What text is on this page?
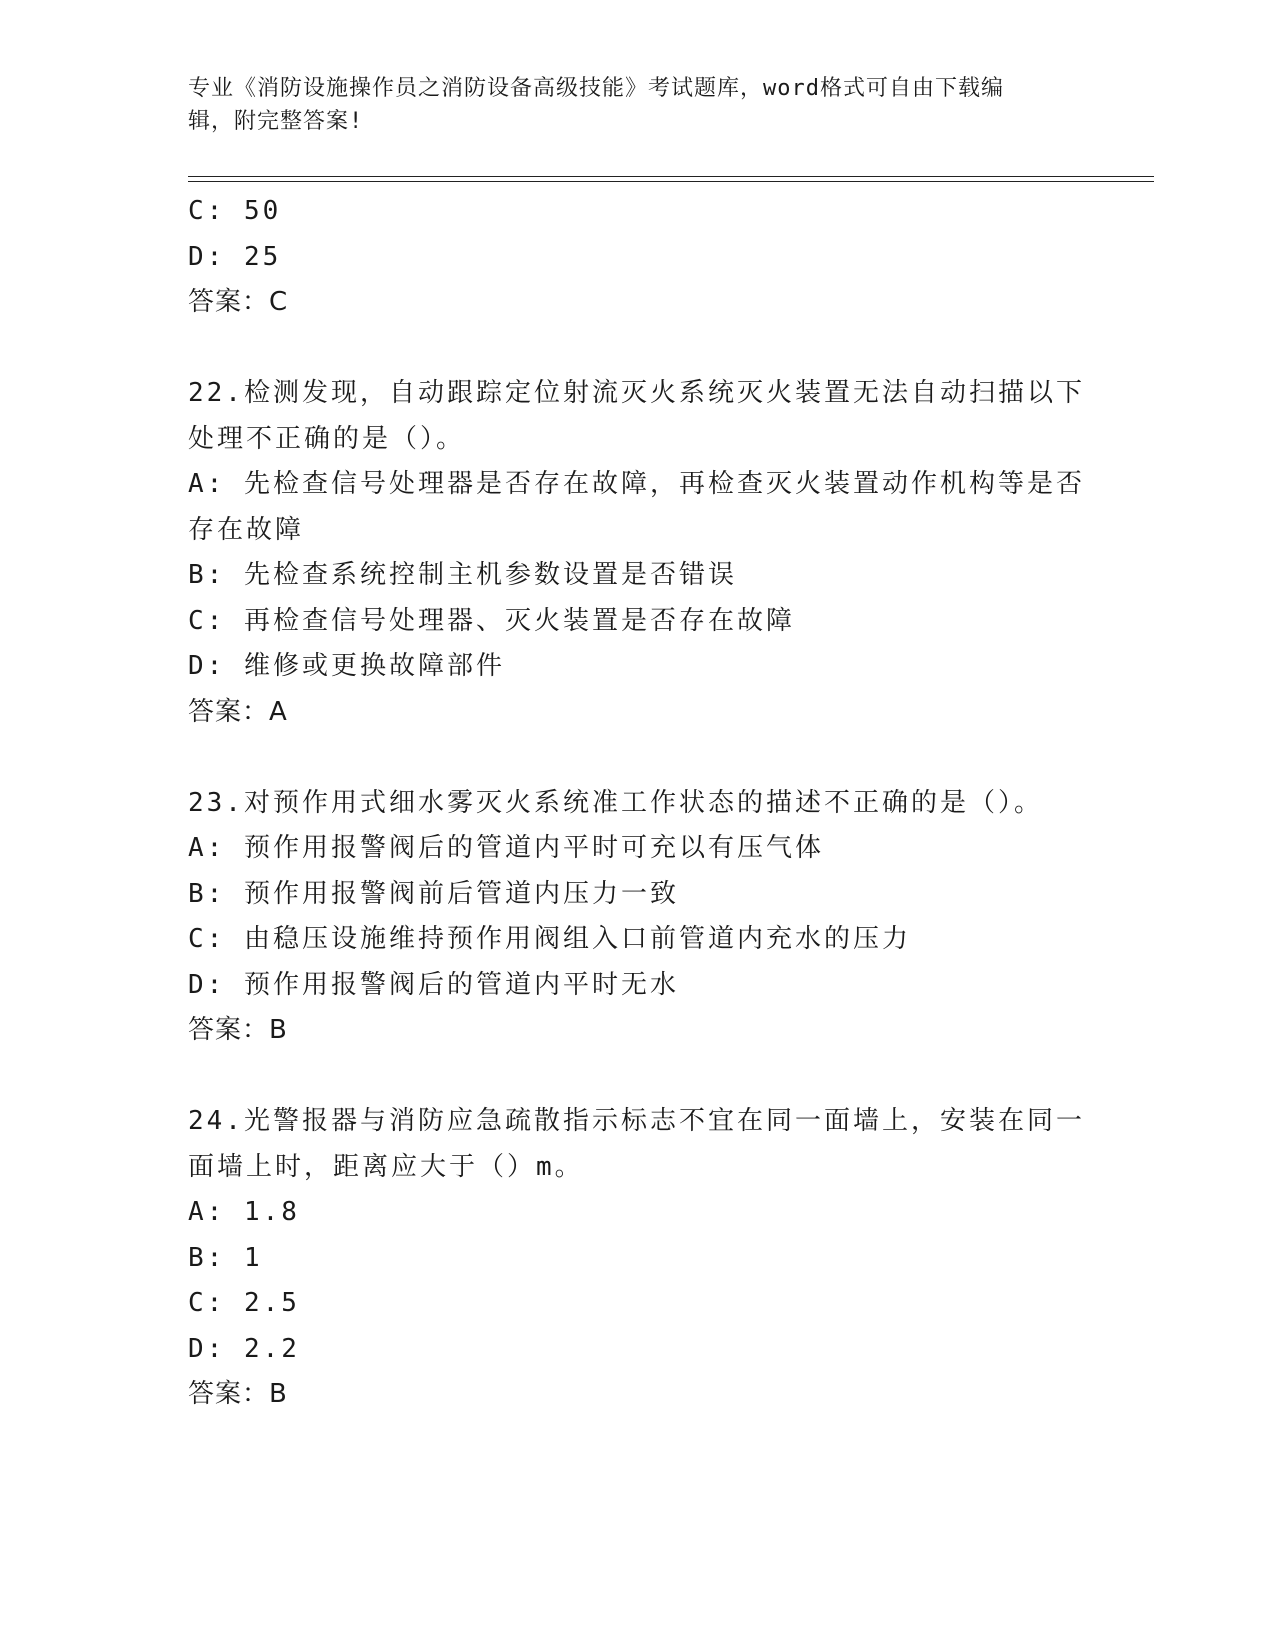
专业《消防设施操作员之消防设备高级技能》考试题库，word格式可自由下载编
辑，附完整答案!
C: 50
D: 25
答案：C
22.检测发现，自动跟踪定位射流灭火系统灭火装置无法自动扫描以下
处理不正确的是（）。
A: 先检查信号处理器是否存在故障，再检查灭火装置动作机构等是否
存在故障
B: 先检查系统控制主机参数设置是否错误
C: 再检查信号处理器、灭火装置是否存在故障
D: 维修或更换故障部件
答案：A
23.对预作用式细水雾灭火系统准工作状态的描述不正确的是（）。
A: 预作用报警阀后的管道内平时可充以有压气体
B: 预作用报警阀前后管道内压力一致
C: 由稳压设施维持预作用阀组入口前管道内充水的压力
D: 预作用报警阀后的管道内平时无水
答案：B
24.光警报器与消防应急疏散指示标志不宜在同一面墙上，安装在同一
面墙上时，距离应大于（）m。
A: 1.8
B: 1
C: 2.5
D: 2.2
答案：B
